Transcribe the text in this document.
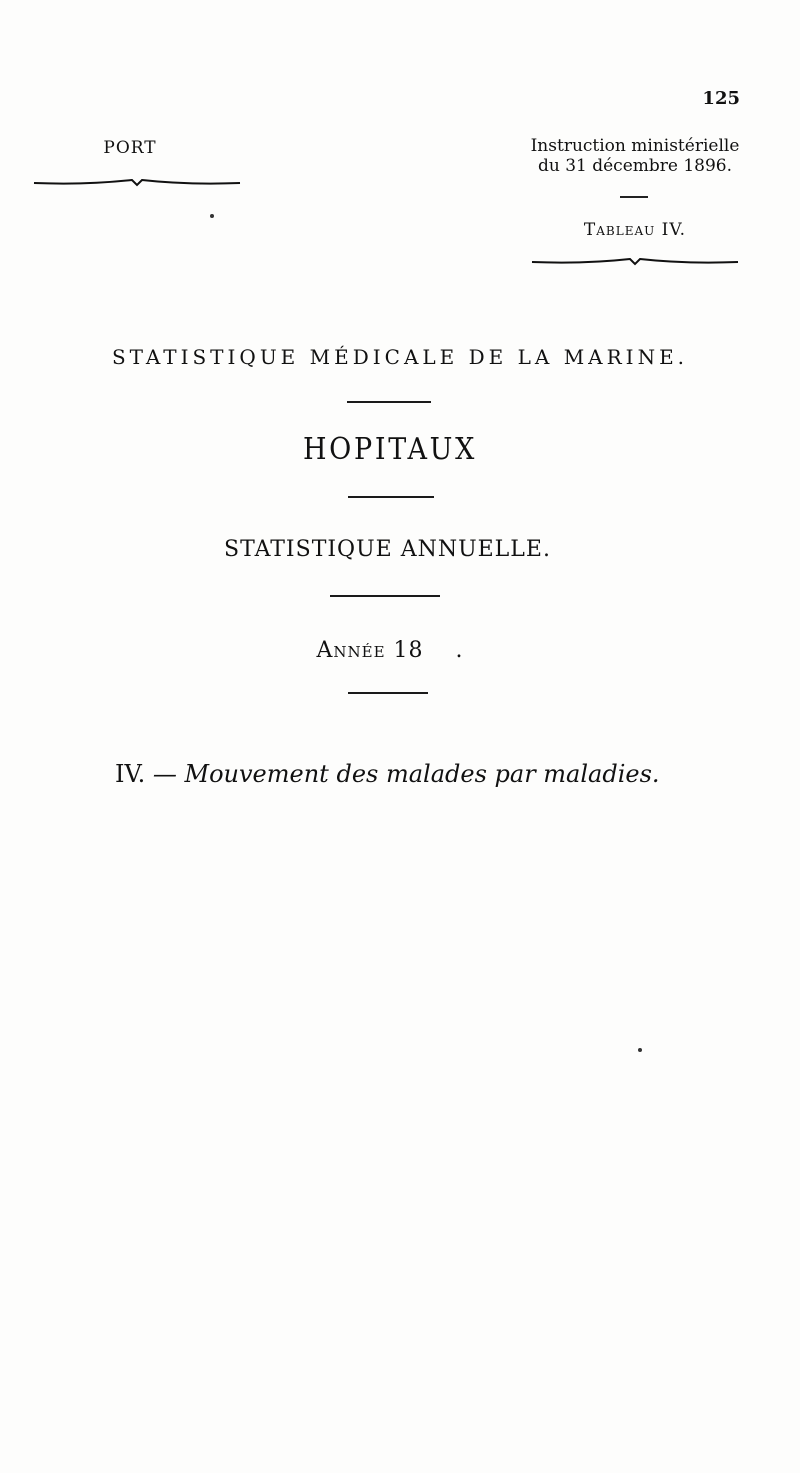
125
PORT	Instruction ministérielle
du 31 décembre 1896.
Tableau IV.
STATISTIQUE MÉDICALE DE LA MARINE.
HOPITAUX
STATISTIQUE ANNUELLE.
Année 18    .
IV. — Mouvement des malades par maladies.
